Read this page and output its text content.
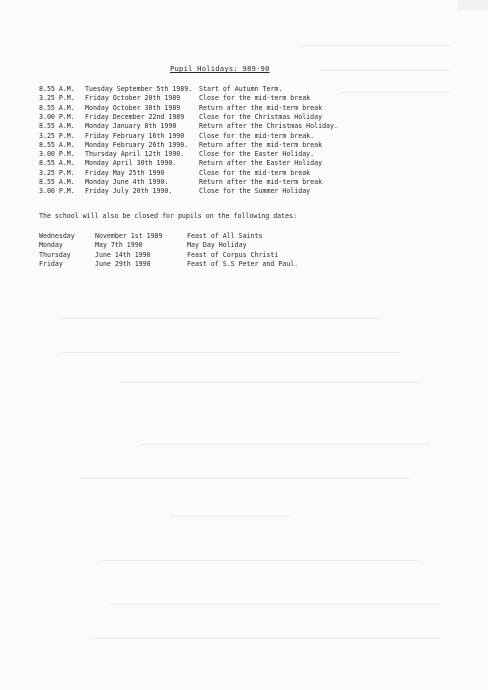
Pupil Holidays: 989-90
8.55 A.M. Tuesday September 5th 1989. Start of Autumn Term.
3.25 P.M. Friday October 20th 1989	Close for the mid-term break
8.55 A.M. Monday October 30th 1989	Return after the mid-term break
3.00 P.M. Friday December 22nd 1989 Close for the Christmas Holiday
8.55 A.M. Monday January 8th 1990	Return after the Christmas Holiday.
3.25 P.M. Friday February 16th 1990 Close for the mid-term break.
8.55 A.M. Monday February 26th 1990. Return after the mid-term break
3.00 P.M. Thursday April 12th 1990. Close for the Easter Holiday.
8.55 A.M. Monday April 30th 1990.	Return after the Easter Holiday
3.25 P.M. Friday May 25th 1990	Close for the mid-term break
8.55 A.M. Monday June 4th 1990.	Return after the mid-term break
3.00 P.M. Friday July 20th 1990.	Close for the Summer Holiday
The school will also be closed for pupils on the following dates:
Wednesday	November 1st 1989	Feast of All Saints
Monday	May 7th 1990	May Day Holiday
Thursday	June 14th 1990	Feast of Corpus Christi
Friday	June 29th 1990	Feast of S.S Peter and Paul.
